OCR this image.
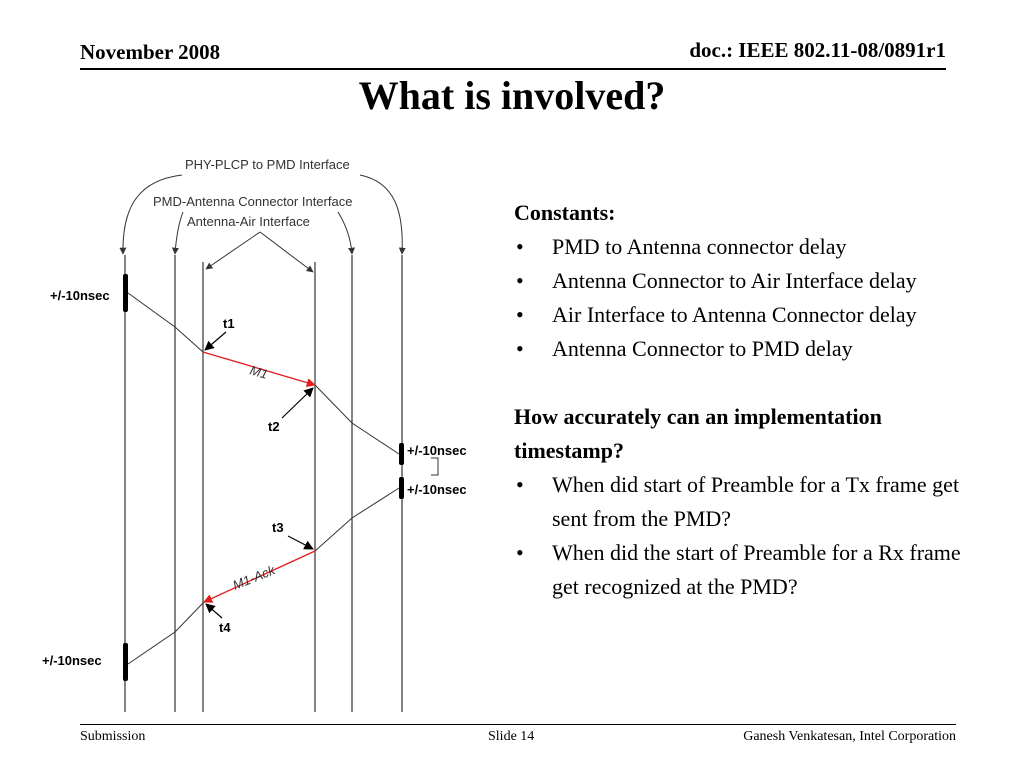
November 2008	doc.: IEEE 802.11-08/0891r1
What is involved?
PHY-PLCP to PMD Interface
PMD-Antenna Connector Interface
Antenna-Air Interface
+/-10nsec
+/-10nsec
+/-10nsec
+/-10nsec
M1
M1-Ack
t1
t2
t3
t4
Constants:
• PMD to Antenna connector delay
• Antenna Connector to Air Interface delay
• Air Interface to Antenna Connector delay
• Antenna Connector to PMD delay
How accurately can an implementation timestamp?
• When did start of Preamble for a Tx frame get sent from the PMD?
• When did the start of Preamble for a Rx frame get recognized at the PMD?
Submission	Slide 14	Ganesh Venkatesan, Intel Corporation
